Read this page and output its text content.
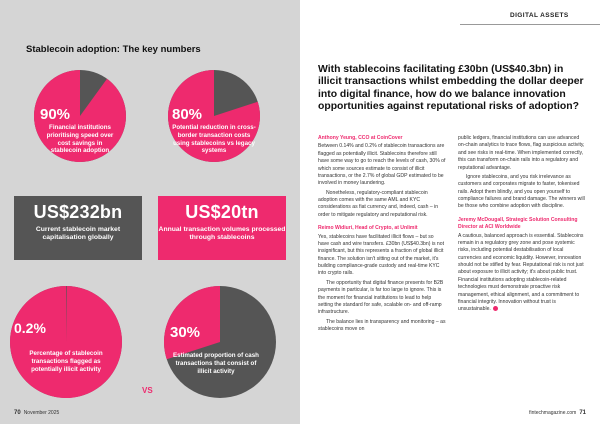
Stablecoin adoption: The key numbers
90%
Financial institutions prioritising speed over cost savings in stablecoin adoption
80%
Potential reduction in cross-border transaction costs using stablecoins vs legacy systems
US$232bn
Current stablecoin market capitalisation globally
US$20tn
Annual transaction volumes processed through stablecoins
0.2%
Percentage of stablecoin transactions flagged as potentially illicit activity
VS
30%
Estimated proportion of cash transactions that consist of illicit activity
70 November 2025
DIGITAL ASSETS
With stablecoins facilitating £30bn (US$40.3bn) in illicit transactions whilst embedding the dollar deeper into digital finance, how do we balance innovation opportunities against reputational risks of adoption?
Anthony Yeung, CCO at CoinCover

Between 0.14% and 0.2% of stablecoin transactions are flagged as potentially illicit. Stablecoins therefore still have some way to go to reach the levels of cash, 30% of which some sources estimate to consist of illicit transactions, or the 2.7% of global GDP estimated to be involved in money laundering.

Nonetheless, regulatory-compliant stablecoin adoption comes with the same AML and KYC considerations as fiat currency and, indeed, cash – in order to mitigate regulatory and reputational risk.

Reimo Widiuri, Head of Crypto, at Unlimit

Yes, stablecoins have facilitated illicit flows – but so have cash and wire transfers. £30bn (US$40.3bn) is not insignificant, but this represents a fraction of global illicit finance. The solution isn't sitting out of the market, it's building compliance-grade custody and real-time KYC into crypto rails.

The opportunity that digital finance presents for B2B payments in particular, is far too large to ignore. This is the moment for financial institutions to lead to help setting the standard for safe, scalable on- and off-ramp infrastructure.

The balance lies in transparency and monitoring – as stablecoins move on

public ledgers, financial institutions can use advanced on-chain analytics to trace flows, flag suspicious activity, and see risks in real-time. When implemented correctly, this can transform on-chain rails into a regulatory and reputational advantage.

Ignore stablecoins, and you risk irrelevance as customers and corporates migrate to faster, tokenised rails. Adopt them blindly, and you open yourself to compliance failures and brand damage. The winners will be those who combine adoption with discipline.

Jeremy McDougall, Strategic Solution Consulting Director at ACI Worldwide

A cautious, balanced approach is essential. Stablecoins remain in a regulatory grey zone and pose systemic risks, including potential destabilisation of local currencies and economic liquidity. However, innovation should not be stifled by fear. Reputational risk is not just about exposure to illicit activity; it's about public trust. Financial institutions adopting stablecoin-related technologies must demonstrate proactive risk management, ethical alignment, and a commitment to financial integrity. Innovation without trust is unsustainable.

fintechmagazine.com 71
